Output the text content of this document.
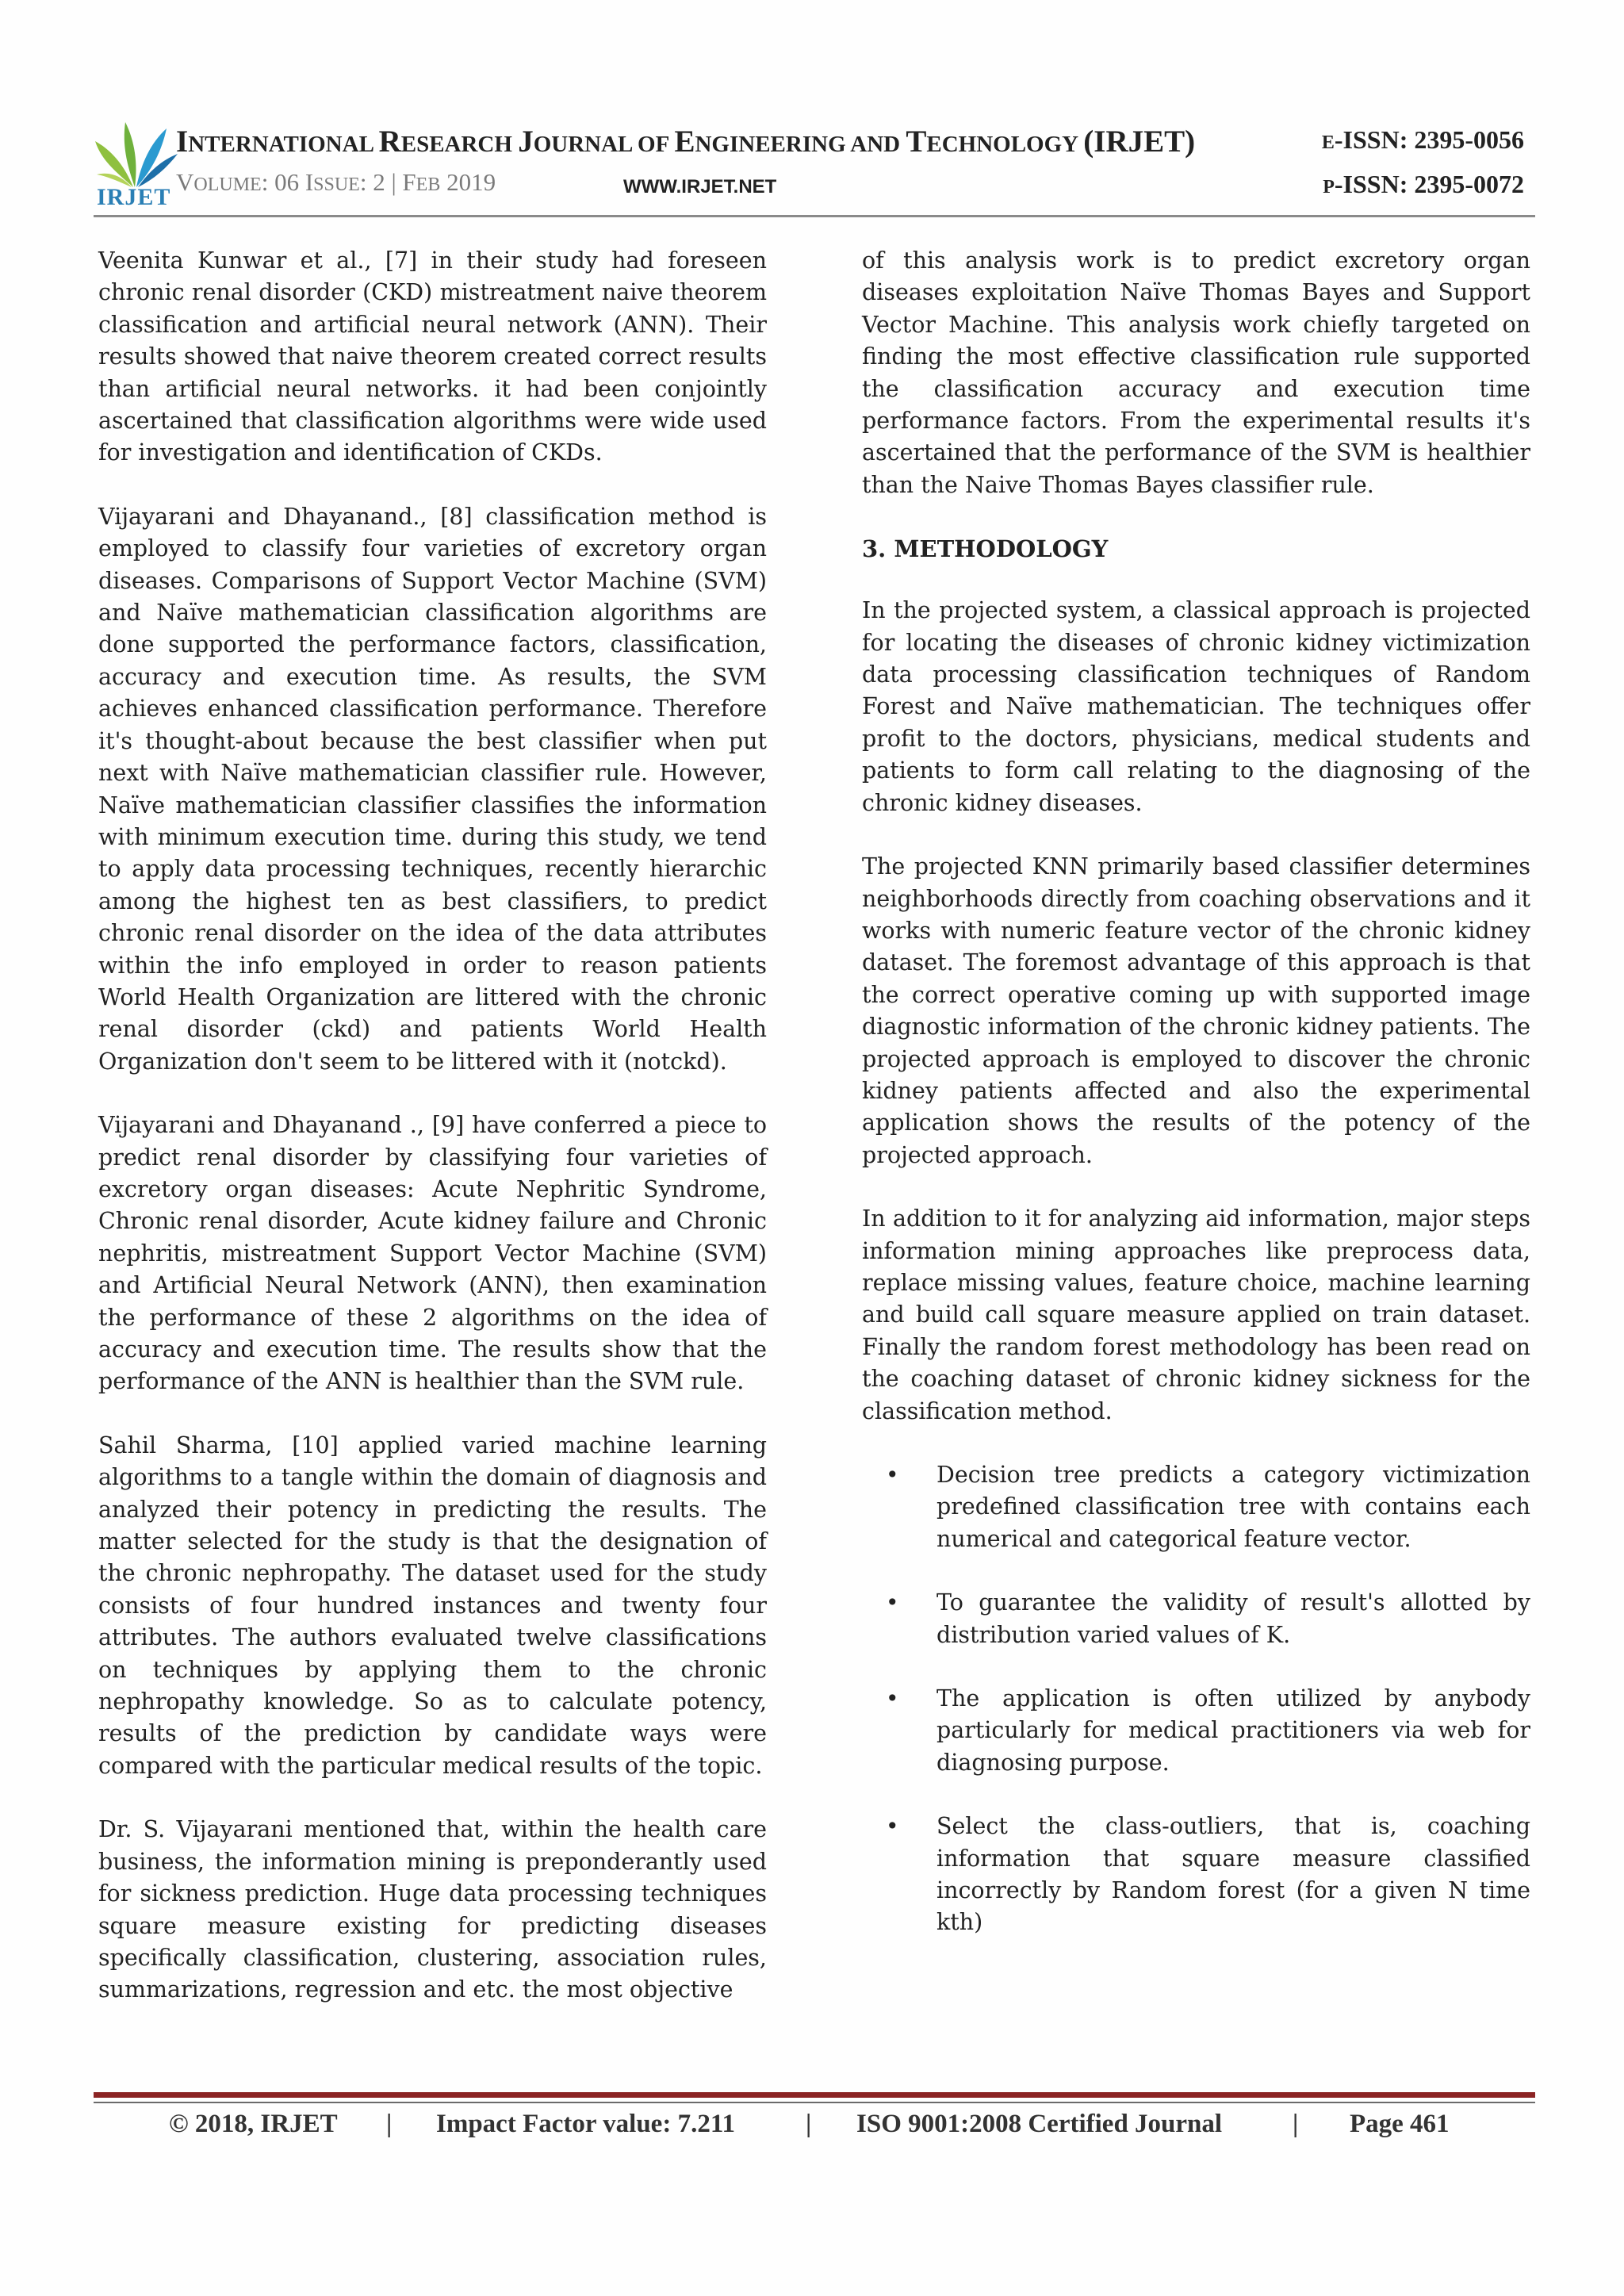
IRJET
INTERNATIONAL RESEARCH JOURNAL OF ENGINEERING AND TECHNOLOGY (IRJET)
VOLUME: 06 ISSUE: 2 | FEB 2019	WWW.IRJET.NET
E-ISSN: 2395-0056
P-ISSN: 2395-0072

Veenita Kunwar et al., [7] in their study had foreseen chronic renal disorder (CKD) mistreatment naive theorem classification and artificial neural network (ANN). Their results showed that naive theorem created correct results than artificial neural networks. it had been conjointly ascertained that classification algorithms were wide used for investigation and identification of CKDs.

Vijayarani and Dhayanand., [8] classification method is employed to classify four varieties of excretory organ diseases. Comparisons of Support Vector Machine (SVM) and Naïve mathematician classification algorithms are done supported the performance factors, classification, accuracy and execution time. As results, the SVM achieves enhanced classification performance. Therefore it's thought-about because the best classifier when put next with Naïve mathematician classifier rule. However, Naïve mathematician classifier classifies the information with minimum execution time. during this study, we tend to apply data processing techniques, recently hierarchic among the highest ten as best classifiers, to predict chronic renal disorder on the idea of the data attributes within the info employed in order to reason patients World Health Organization are littered with the chronic renal disorder (ckd) and patients World Health Organization don't seem to be littered with it (notckd).

Vijayarani and Dhayanand ., [9] have conferred a piece to predict renal disorder by classifying four varieties of excretory organ diseases: Acute Nephritic Syndrome, Chronic renal disorder, Acute kidney failure and Chronic nephritis, mistreatment Support Vector Machine (SVM) and Artificial Neural Network (ANN), then examination the performance of these 2 algorithms on the idea of accuracy and execution time. The results show that the performance of the ANN is healthier than the SVM rule.

Sahil Sharma, [10] applied varied machine learning algorithms to a tangle within the domain of diagnosis and analyzed their potency in predicting the results. The matter selected for the study is that the designation of the chronic nephropathy. The dataset used for the study consists of four hundred instances and twenty four attributes. The authors evaluated twelve classifications on techniques by applying them to the chronic nephropathy knowledge. So as to calculate potency, results of the prediction by candidate ways were compared with the particular medical results of the topic.

Dr. S. Vijayarani mentioned that, within the health care business, the information mining is preponderantly used for sickness prediction. Huge data processing techniques square measure existing for predicting diseases specifically classification, clustering, association rules, summarizations, regression and etc. the most objective

of this analysis work is to predict excretory organ diseases exploitation Naïve Thomas Bayes and Support Vector Machine. This analysis work chiefly targeted on finding the most effective classification rule supported the classification accuracy and execution time performance factors. From the experimental results it's ascertained that the performance of the SVM is healthier than the Naive Thomas Bayes classifier rule.

3. METHODOLOGY

In the projected system, a classical approach is projected for locating the diseases of chronic kidney victimization data processing classification techniques of Random Forest and Naïve mathematician. The techniques offer profit to the doctors, physicians, medical students and patients to form call relating to the diagnosing of the chronic kidney diseases.

The projected KNN primarily based classifier determines neighborhoods directly from coaching observations and it works with numeric feature vector of the chronic kidney dataset. The foremost advantage of this approach is that the correct operative coming up with supported image diagnostic information of the chronic kidney patients. The projected approach is employed to discover the chronic kidney patients affected and also the experimental application shows the results of the potency of the projected approach.

In addition to it for analyzing aid information, major steps information mining approaches like preprocess data, replace missing values, feature choice, machine learning and build call square measure applied on train dataset. Finally the random forest methodology has been read on the coaching dataset of chronic kidney sickness for the classification method.

• Decision tree predicts a category victimization predefined classification tree with contains each numerical and categorical feature vector.
• To guarantee the validity of result's allotted by distribution varied values of K.
• The application is often utilized by anybody particularly for medical practitioners via web for diagnosing purpose.
• Select the class-outliers, that is, coaching information that square measure classified incorrectly by Random forest (for a given N time kth)
© 2018, IRJET | Impact Factor value: 7.211	| ISO 9001:2008 Certified Journal	| Page 461
